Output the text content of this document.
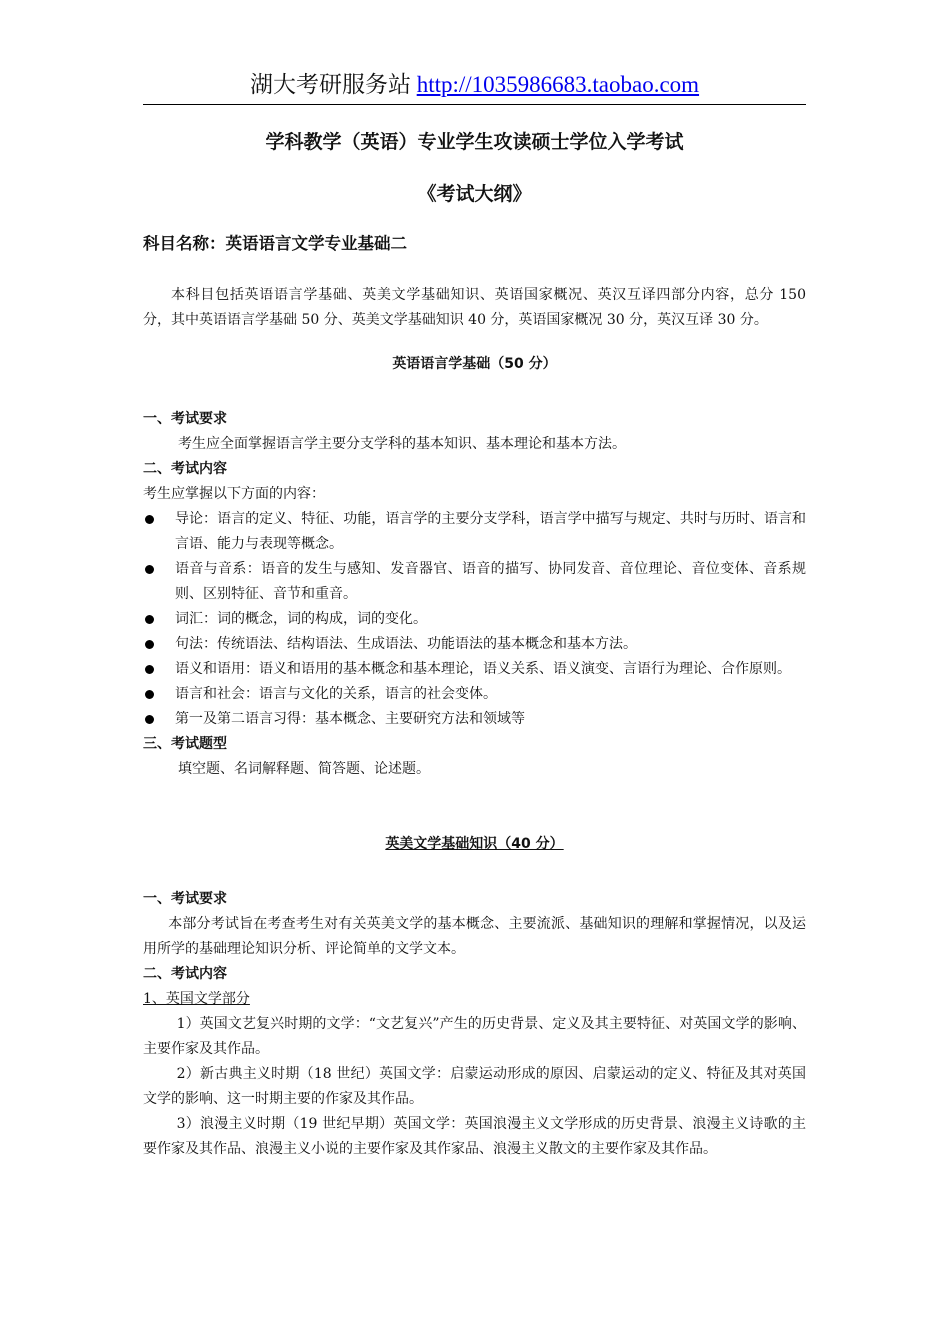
湖大考研服务站 http://1035986683.taobao.com
学科教学（英语）专业学生攻读硕士学位入学考试
《考试大纲》
科目名称：英语语言文学专业基础二
本科目包括英语语言学基础、英美文学基础知识、英语国家概况、英汉互译四部分内容，总分 150 分，其中英语语言学基础 50 分、英美文学基础知识 40 分，英语国家概况 30 分，英汉互译 30 分。
英语语言学基础（50 分）
一、考试要求
考生应全面掌握语言学主要分支学科的基本知识、基本理论和基本方法。
二、考试内容
考生应掌握以下方面的内容：
导论：语言的定义、特征、功能，语言学的主要分支学科，语言学中描写与规定、共时与历时、语言和言语、能力与表现等概念。
语音与音系：语音的发生与感知、发音器官、语音的描写、协同发音、音位理论、音位变体、音系规则、区别特征、音节和重音。
词汇：词的概念，词的构成，词的变化。
句法：传统语法、结构语法、生成语法、功能语法的基本概念和基本方法。
语义和语用：语义和语用的基本概念和基本理论，语义关系、语义演变、言语行为理论、合作原则。
语言和社会：语言与文化的关系，语言的社会变体。
第一及第二语言习得：基本概念、主要研究方法和领域等
三、考试题型
填空题、名词解释题、简答题、论述题。
英美文学基础知识（40 分）
一、考试要求
本部分考试旨在考查考生对有关英美文学的基本概念、主要流派、基础知识的理解和掌握情况，以及运用所学的基础理论知识分析、评论简单的文学文本。
二、考试内容
1、英国文学部分
1）英国文艺复兴时期的文学：“文艺复兴”产生的历史背景、定义及其主要特征、对英国文学的影响、主要作家及其作品。
2）新古典主义时期（18 世纪）英国文学：启蒙运动形成的原因、启蒙运动的定义、特征及其对英国文学的影响、这一时期主要的作家及其作品。
3）浪漫主义时期（19 世纪早期）英国文学：英国浪漫主义文学形成的历史背景、浪漫主义诗歌的主要作家及其作品、浪漫主义小说的主要作家及其作家品、浪漫主义散文的主要作家及其作品。
